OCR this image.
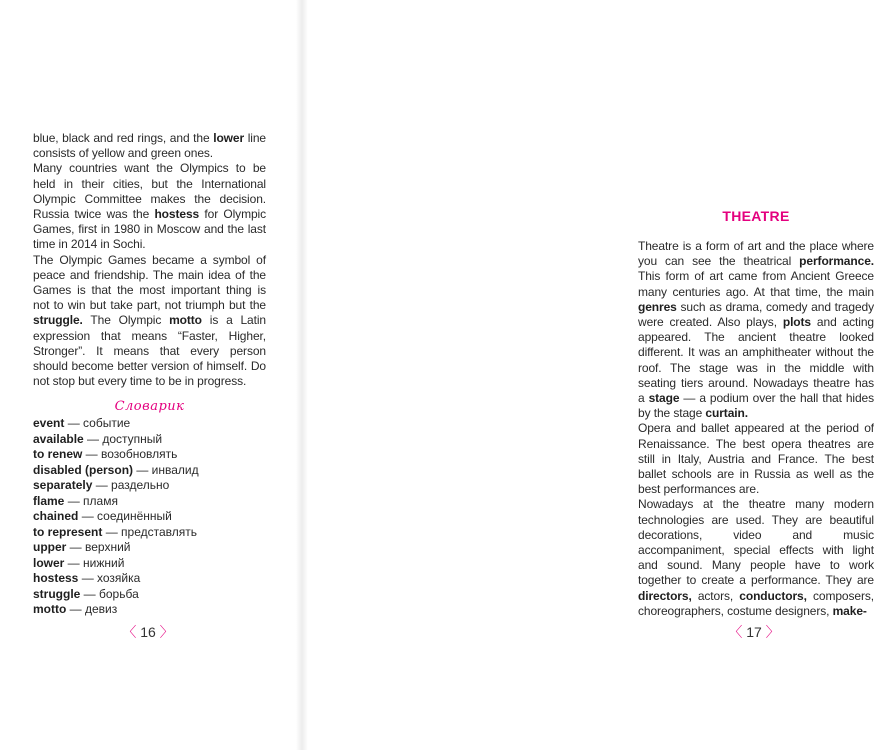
blue, black and red rings, and the lower line consists of yellow and green ones.

Many countries want the Olympics to be held in their cities, but the International Olympic Committee makes the decision. Russia twice was the hostess for Olympic Games, first in 1980 in Moscow and the last time in 2014 in Sochi.

The Olympic Games became a symbol of peace and friendship. The main idea of the Games is that the most important thing is not to win but take part, not triumph but the struggle. The Olympic motto is a Latin expression that means “Faster, Higher, Stronger”. It means that every person should become better version of himself. Do not stop but every time to be in progress.

Словарик
event — событие
available — доступный
to renew — возобновлять
disabled (person) — инвалид
separately — раздельно
flame — пламя
chained — соединённый
to represent — представлять
upper — верхний
lower — нижний
hostess — хозяйка
struggle — борьба
motto — девиз
〈 16 〉
THEATRE

Theatre is a form of art and the place where you can see the theatrical performance. This form of art came from Ancient Greece many centuries ago. At that time, the main genres such as drama, comedy and tragedy were created. Also plays, plots and acting appeared. The ancient theatre looked different. It was an amphitheater without the roof. The stage was in the middle with seating tiers around. Nowadays theatre has a stage — a podium over the hall that hides by the stage curtain.

Opera and ballet appeared at the period of Renaissance. The best opera theatres are still in Italy, Austria and France. The best ballet schools are in Russia as well as the best performances are.

Nowadays at the theatre many modern technologies are used. They are beautiful decorations, video and music accompaniment, special effects with light and sound. Many people have to work together to create a performance. They are directors, actors, conductors, composers, choreographers, costume designers, make-

〈 17 〉
